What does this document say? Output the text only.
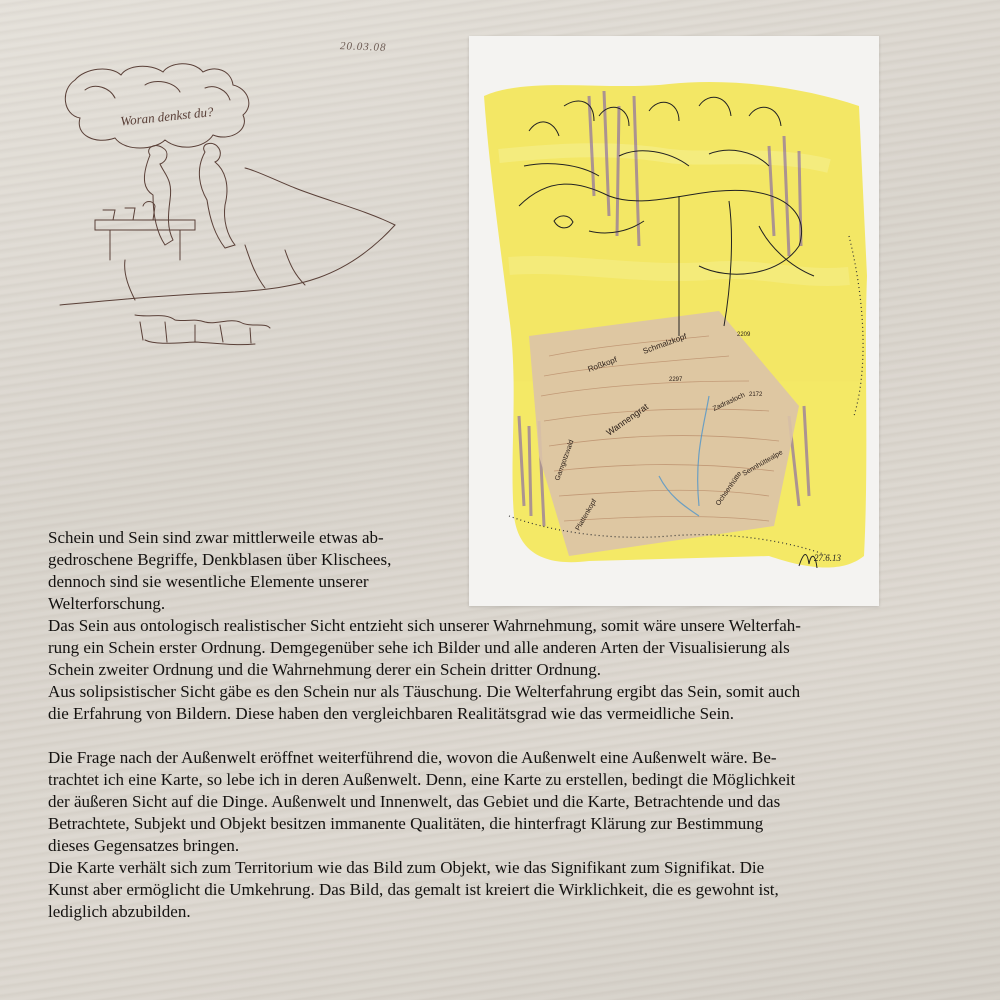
20.03.08
Woran denkst du?
Roßkopf
Schmalzkopf
Wannengrat	Zadrasloch
Plattenkopf
Sennhüttealpe
Ochsenhütte
Gamgotzwald
2297
2209
2172
27.6.13

Schein und Sein sind zwar mittlerweile etwas ab-

gedroschene Begriffe, Denkblasen über Klischees,

dennoch sind sie wesentliche Elemente unserer

Welterforschung.

Das Sein aus ontologisch realistischer Sicht entzieht sich unserer Wahrnehmung, somit wäre unsere Welterfah-

rung ein Schein erster Ordnung. Demgegenüber sehe ich Bilder und alle anderen Arten der Visualisierung als

Schein zweiter Ordnung und die Wahrnehmung derer ein Schein dritter Ordnung.

Aus solipsistischer Sicht gäbe es den Schein nur als Täuschung. Die Welterfahrung ergibt das Sein, somit auch

die Erfahrung von Bildern. Diese haben den vergleichbaren Realitätsgrad wie das vermeidliche Sein.

Die Frage nach der Außenwelt eröffnet weiterführend die, wovon die Außenwelt eine Außenwelt wäre. Be-

trachtet ich eine Karte, so lebe ich in deren Außenwelt. Denn, eine Karte zu erstellen, bedingt die Möglichkeit

der äußeren Sicht auf die Dinge. Außenwelt und Innenwelt, das Gebiet und die Karte, Betrachtende und das

Betrachtete, Subjekt und Objekt besitzen immanente Qualitäten, die hinterfragt Klärung zur Bestimmung

dieses Gegensatzes bringen.

Die Karte verhält sich zum Territorium wie das Bild zum Objekt, wie das Signifikant zum Signifikat. Die

Kunst aber ermöglicht die Umkehrung. Das Bild, das gemalt ist kreiert die Wirklichkeit, die es gewohnt ist,

lediglich abzubilden.
